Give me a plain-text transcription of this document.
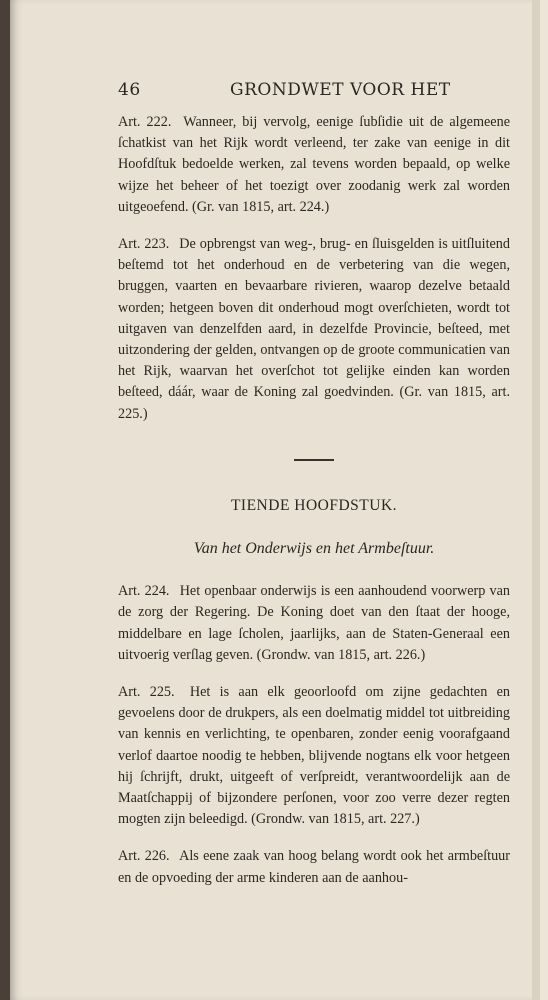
46	GRONDWET VOOR HET

Art. 222. Wanneer, bij vervolg, eenige ſubſidie uit de algemeene ſchatkist van het Rijk wordt verleend, ter zake van eenige in dit Hoofdſtuk bedoelde werken, zal tevens worden bepaald, op welke wijze het beheer of het toezigt over zoodanig werk zal worden uitgeoefend. (Gr. van 1815, art. 224.)

Art. 223. De opbrengst van weg-, brug- en ſluisgelden is uitſluitend beſtemd tot het onderhoud en de verbetering van die wegen, bruggen, vaarten en bevaarbare rivieren, waarop dezelve betaald worden; hetgeen boven dit onderhoud mogt overſchieten, wordt tot uitgaven van denzelfden aard, in dezelfde Provincie, beſteed, met uitzondering der gelden, ontvangen op de groote communicatien van het Rijk, waarvan het overſchot tot gelijke einden kan worden beſteed, dáár, waar de Koning zal goedvinden. (Gr. van 1815, art. 225.)

TIENDE HOOFDSTUK.
Van het Onderwijs en het Armbeſtuur.

Art. 224. Het openbaar onderwijs is een aanhoudend voorwerp van de zorg der Regering. De Koning doet van den ſtaat der hooge, middelbare en lage ſcholen, jaarlijks, aan de Staten-Generaal een uitvoerig verſlag geven. (Grondw. van 1815, art. 226.)

Art. 225. Het is aan elk geoorloofd om zijne gedachten en gevoelens door de drukpers, als een doelmatig middel tot uitbreiding van kennis en verlichting, te openbaren, zonder eenig voorafgaand verlof daartoe noodig te hebben, blijvende nogtans elk voor hetgeen hij ſchrijft, drukt, uitgeeft of verſpreidt, verantwoordelijk aan de Maatſchappij of bijzondere perſonen, voor zoo verre dezer regten mogten zijn beleedigd. (Grondw. van 1815, art. 227.)

Art. 226. Als eene zaak van hoog belang wordt ook het armbeſtuur en de opvoeding der arme kinderen aan de aanhou-
